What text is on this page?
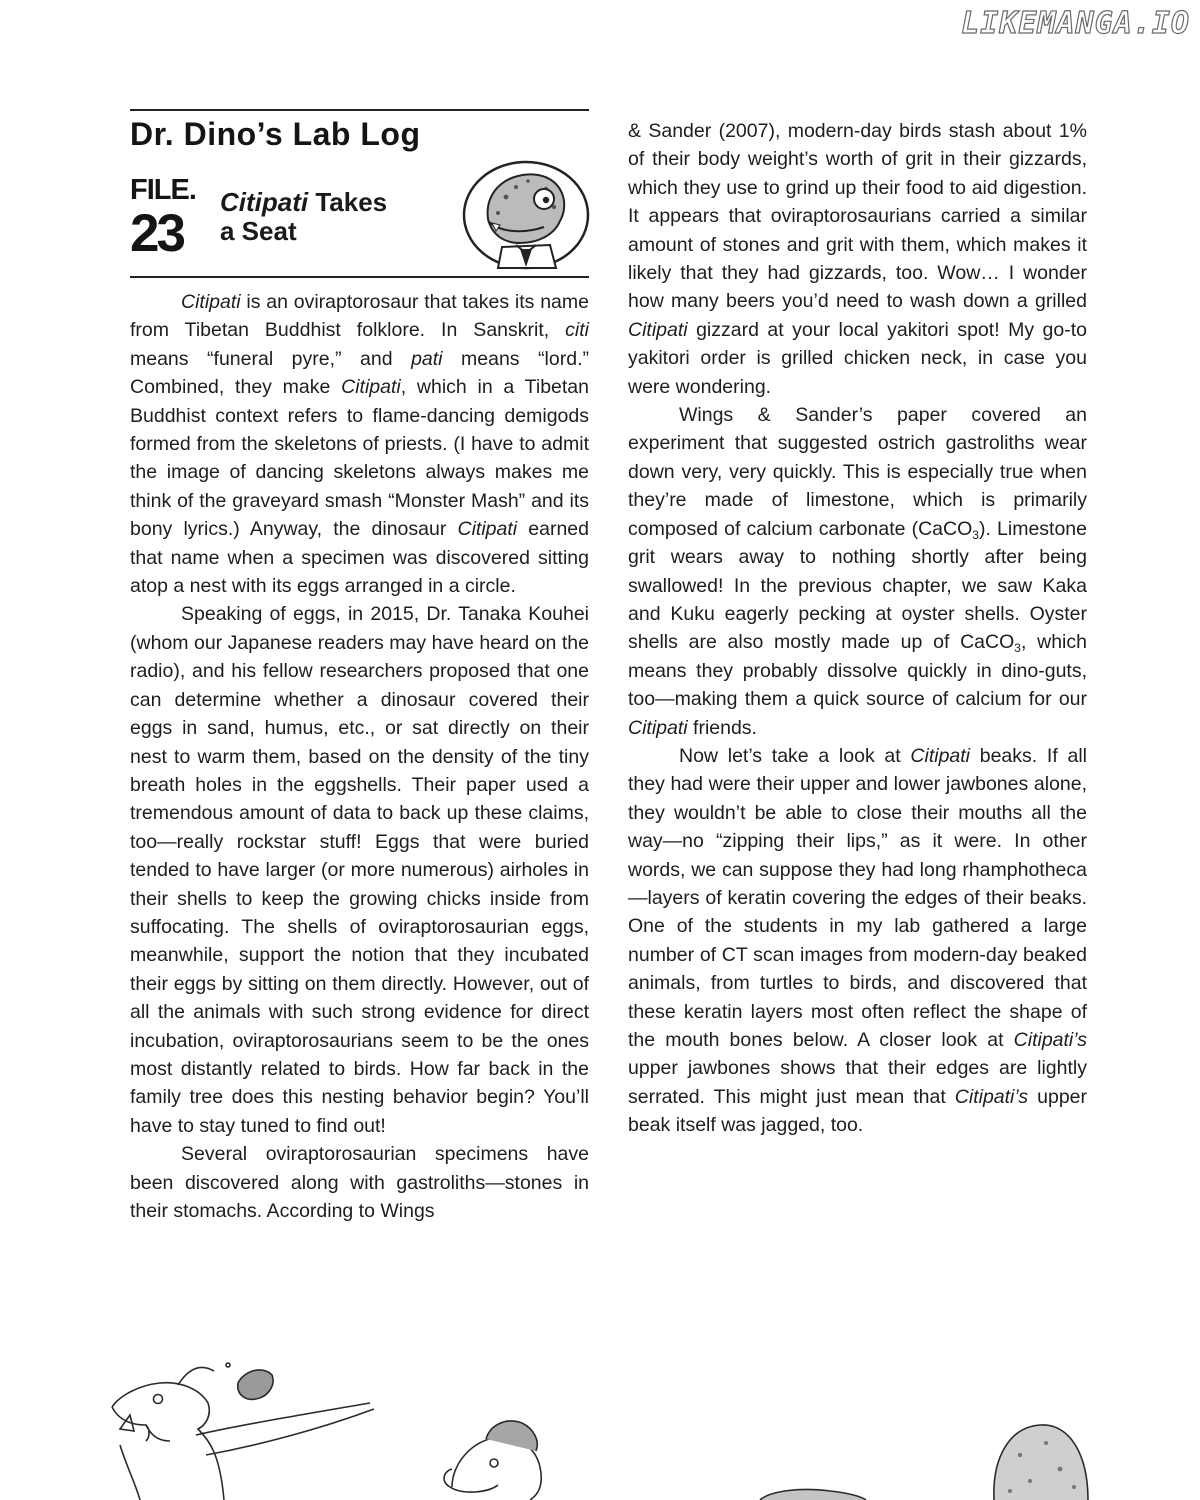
LIKEMANGA.IO
Dr. Dino’s Lab Log
FILE.
23
Citipati Takes
a Seat

Citipati is an oviraptorosaur that takes its name from Tibetan Buddhist folklore. In Sanskrit, citi means “funeral pyre,” and pati means “lord.” Combined, they make Citipati, which in a Tibetan Buddhist context refers to flame-dancing demigods formed from the skeletons of priests. (I have to admit the image of dancing skeletons always makes me think of the graveyard smash “Monster Mash” and its bony lyrics.) Anyway, the dinosaur Citipati earned that name when a specimen was discovered sitting atop a nest with its eggs arranged in a circle.

Speaking of eggs, in 2015, Dr. Tanaka Kouhei (whom our Japanese readers may have heard on the radio), and his fellow researchers proposed that one can determine whether a dinosaur covered their eggs in sand, humus, etc., or sat directly on their nest to warm them, based on the density of the tiny breath holes in the eggshells. Their paper used a tremendous amount of data to back up these claims, too—really rockstar stuff! Eggs that were buried tended to have larger (or more numerous) airholes in their shells to keep the growing chicks inside from suffocating. The shells of oviraptorosaurian eggs, meanwhile, support the notion that they incubated their eggs by sitting on them directly. However, out of all the animals with such strong evidence for direct incubation, oviraptorosaurians seem to be the ones most distantly related to birds. How far back in the family tree does this nesting behavior begin? You’ll have to stay tuned to find out!

Several oviraptorosaurian specimens have been discovered along with gastroliths—stones in their stomachs. According to Wings

& Sander (2007), modern-day birds stash about 1% of their body weight’s worth of grit in their gizzards, which they use to grind up their food to aid digestion. It appears that oviraptorosaurians carried a similar amount of stones and grit with them, which makes it likely that they had gizzards, too. Wow… I wonder how many beers you’d need to wash down a grilled Citipati gizzard at your local yakitori spot! My go-to yakitori order is grilled chicken neck, in case you were wondering.

Wings & Sander’s paper covered an experiment that suggested ostrich gastroliths wear down very, very quickly. This is especially true when they’re made of limestone, which is primarily composed of calcium carbonate (CaCO$_3$). Limestone grit wears away to nothing shortly after being swallowed! In the previous chapter, we saw Kaka and Kuku eagerly pecking at oyster shells. Oyster shells are also mostly made up of CaCO$_3$, which means they probably dissolve quickly in dino-guts, too—making them a quick source of calcium for our Citipati friends.

Now let’s take a look at Citipati beaks. If all they had were their upper and lower jawbones alone, they wouldn’t be able to close their mouths all the way—no “zipping their lips,” as it were. In other words, we can suppose they had long rhamphotheca—layers of keratin covering the edges of their beaks. One of the students in my lab gathered a large number of CT scan images from modern-day beaked animals, from turtles to birds, and discovered that these keratin layers most often reflect the shape of the mouth bones below. A closer look at Citipati’s upper jawbones shows that their edges are lightly serrated. This might just mean that Citipati’s upper beak itself was jagged, too.
